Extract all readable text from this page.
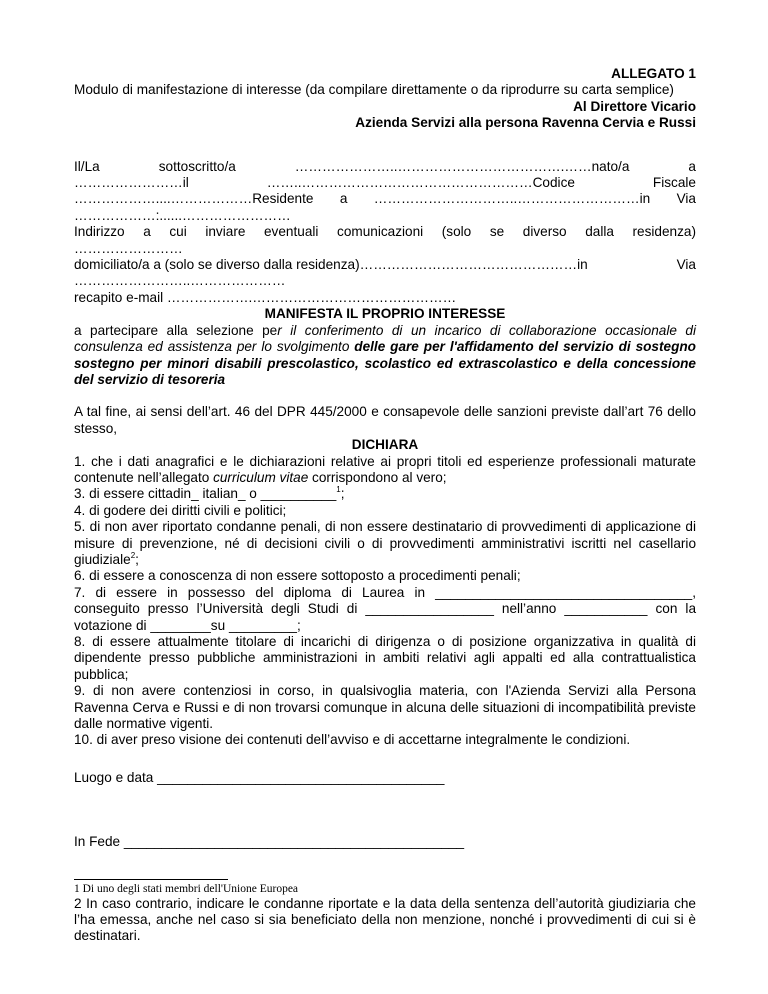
ALLEGATO 1

Modulo di manifestazione di interesse (da compilare direttamente o da riprodurre su carta semplice)

Al Direttore Vicario

Azienda Servizi alla persona Ravenna Cervia e Russi

Il/La	sottoscritto/a	…………………..……………………………….……nato/a	a
……………………il	……..……………………………………………Codice	Fiscale
………………....………………Residente a …………………………..………………………in Via

………………:......……………………

Indirizzo a cui inviare eventuali comunicazioni (solo se diverso dalla residenza)

……………………

domiciliato/a a (solo se diverso dalla residenza)…………………………………………in	Via

……………………..…………………

recapito e-mail ……………….………………………………………

MANIFESTA IL PROPRIO INTERESSE

a partecipare alla selezione per il conferimento di un incarico di collaborazione occasionale di consulenza ed assistenza per lo svolgimento delle gare per l'affidamento del servizio di sostegno sostegno per minori disabili prescolastico, scolastico ed extrascolastico e della concessione del servizio di tesoreria

A tal fine, ai sensi dell’art. 46 del DPR 445/2000 e consapevole delle sanzioni previste dall’art 76 dello stesso,

DICHIARA

1. che i dati anagrafici e le dichiarazioni relative ai propri titoli ed esperienze professionali maturate contenute nell’allegato curriculum vitae corrispondono al vero;

3. di essere cittadin_ italian_ o __________$^1$;

4. di godere dei diritti civili e politici;

5. di non aver riportato condanne penali, di non essere destinatario di provvedimenti di applicazione di misure di prevenzione, né di decisioni civili o di provvedimenti amministrativi iscritti nel casellario giudiziale$^2$;

6. di essere a conoscenza di non essere sottoposto a procedimenti penali;

7. di essere in possesso del diploma di Laurea in __________________________________, conseguito presso l’Università degli Studi di _________________ nell’anno ___________ con la votazione di ________su _________;

8. di essere attualmente titolare di incarichi di dirigenza o di posizione organizzativa in qualità di dipendente presso pubbliche amministrazioni in ambiti relativi agli appalti ed alla contrattualistica pubblica;

9. di non avere contenziosi in corso, in qualsivoglia materia, con l'Azienda Servizi alla Persona Ravenna Cerva e Russi e di non trovarsi comunque in alcuna delle situazioni di incompatibilità previste dalle normative vigenti.

10. di aver preso visione dei contenuti dell’avviso e di accettarne integralmente le condizioni.

Luogo e data ______________________________________

In Fede _____________________________________________

1 Di uno degli stati membri dell'Unione Europea

2 In caso contrario, indicare le condanne riportate e la data della sentenza dell’autorità giudiziaria che l’ha emessa, anche nel caso si sia beneficiato della non menzione, nonché i provvedimenti di cui si è destinatari.
